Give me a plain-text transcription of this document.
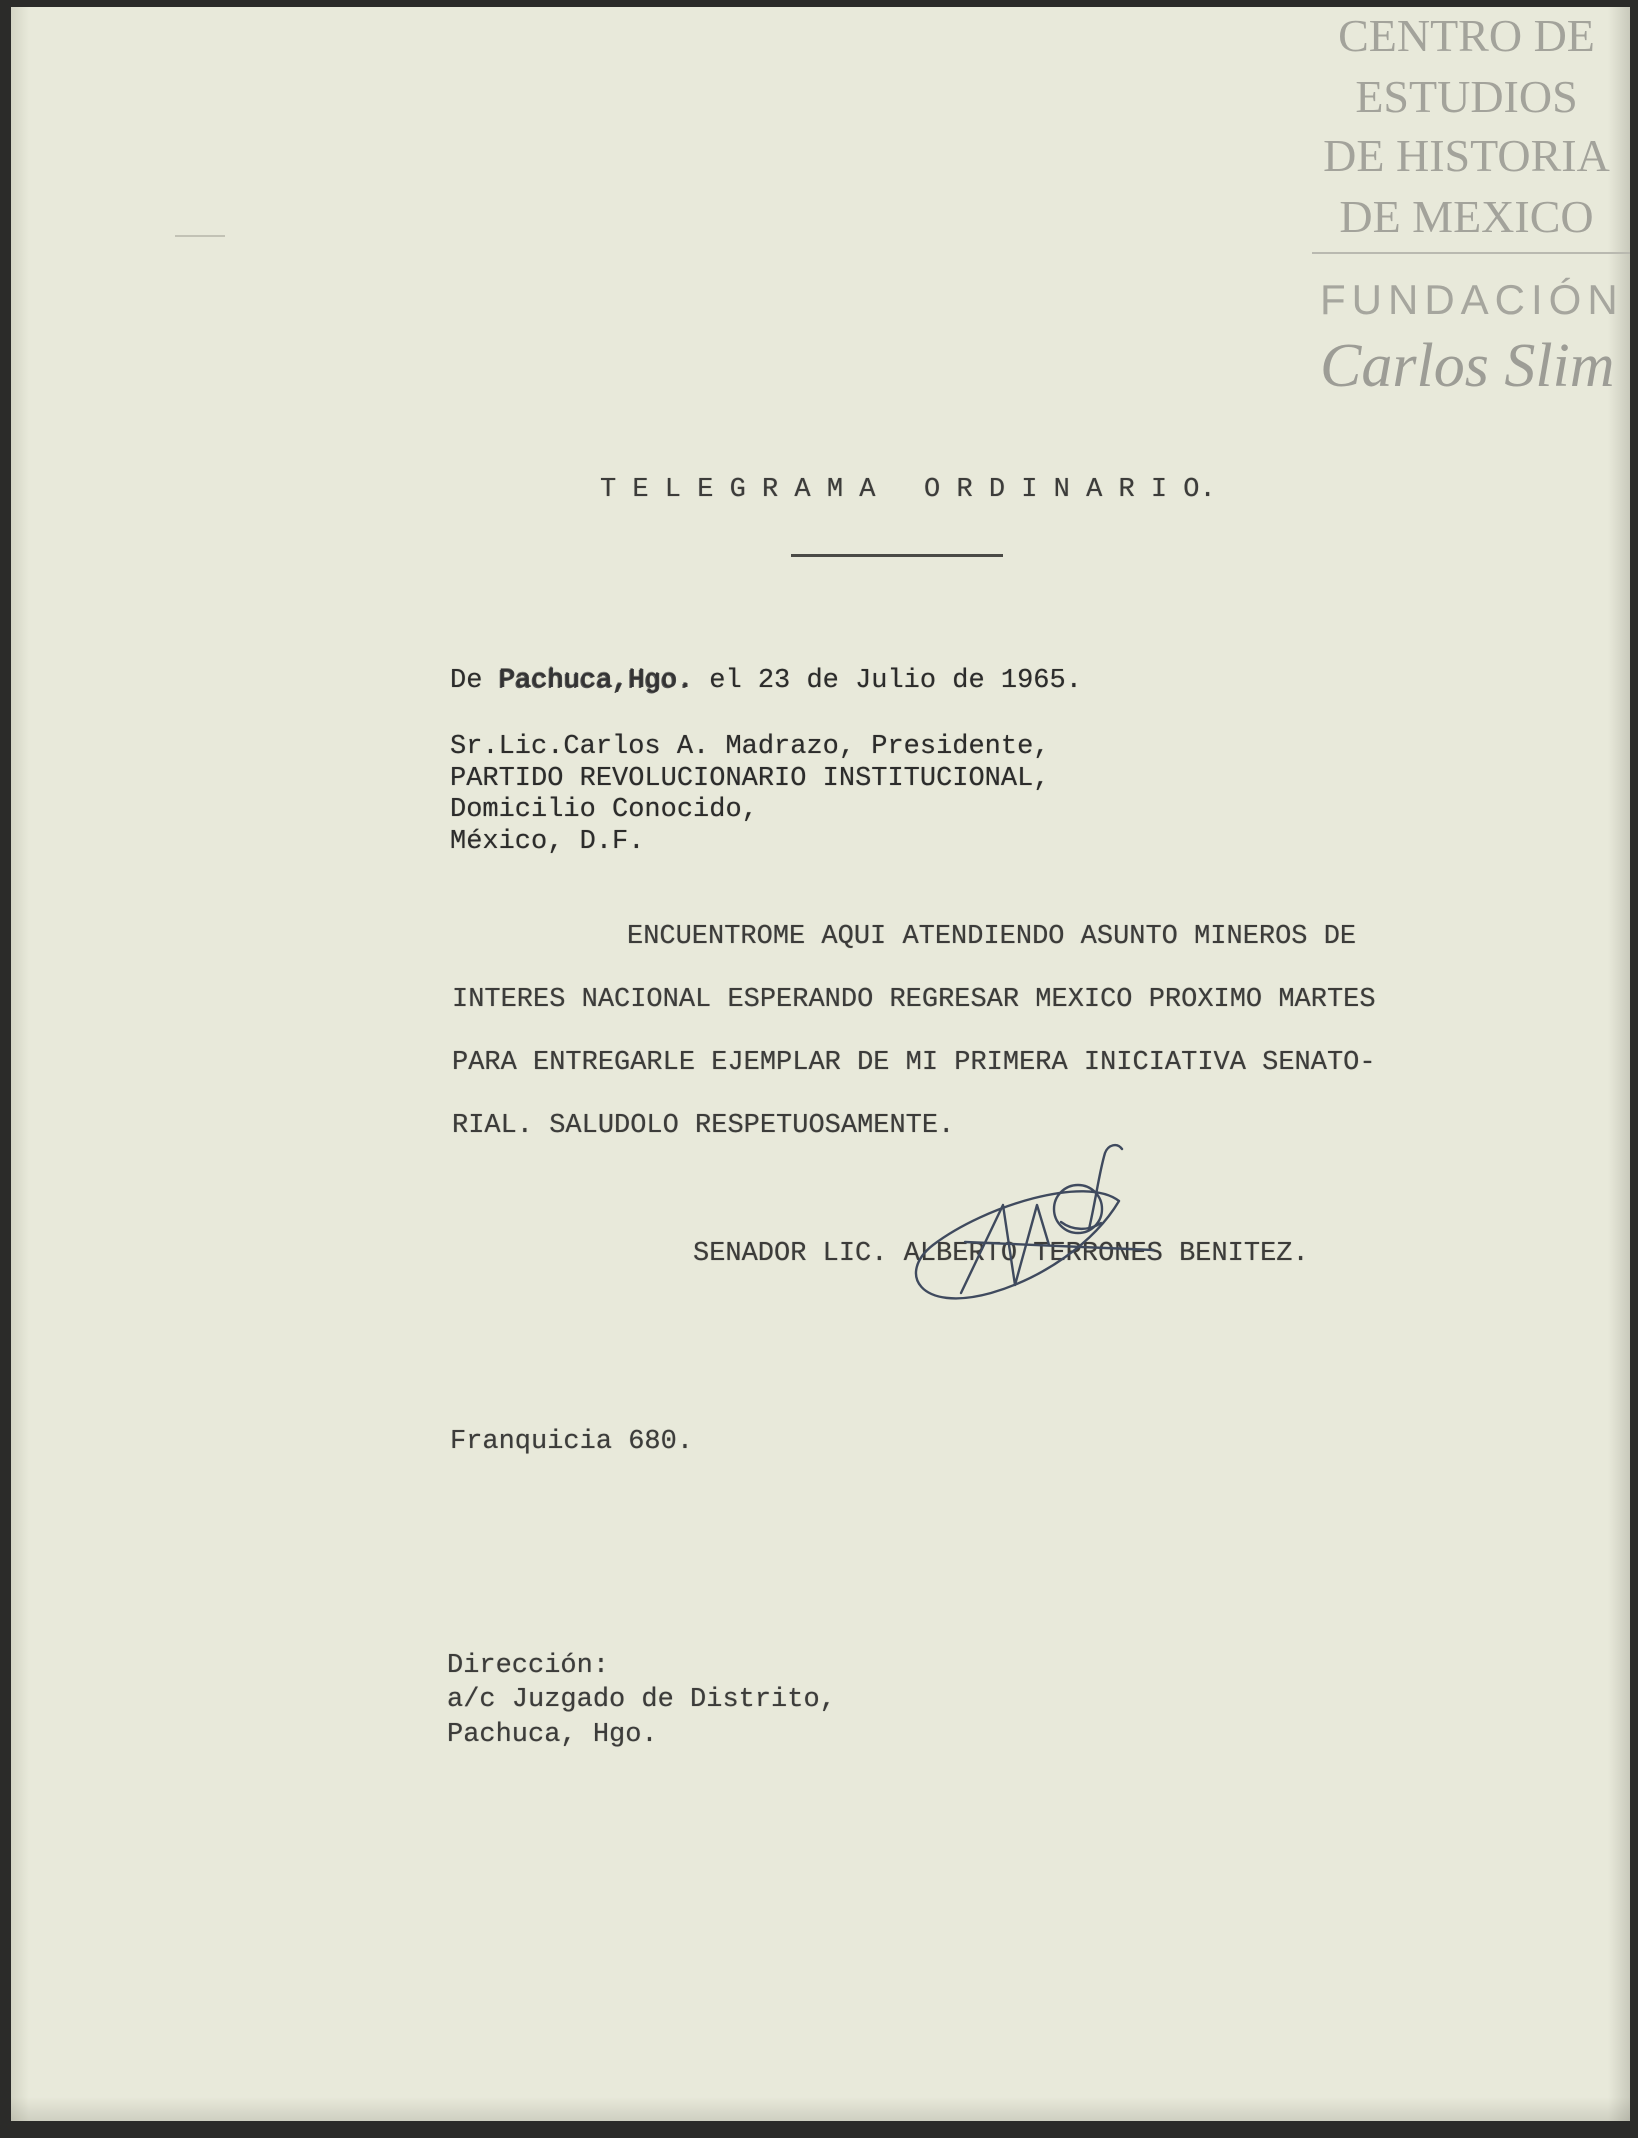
CENTRO DE
ESTUDIOS
DE HISTORIA
DE MEXICO
FUNDACIÓN
Carlos Slim
T E L E G R A M A   O R D I N A R I O.
De Pachuca,Hgo. el 23 de Julio de 1965.
Sr.Lic.Carlos A. Madrazo, Presidente,
PARTIDO REVOLUCIONARIO INSTITUCIONAL,
Domicilio Conocido,
México, D.F.
ENCUENTROME AQUI ATENDIENDO ASUNTO MINEROS DE
INTERES NACIONAL ESPERANDO REGRESAR MEXICO PROXIMO MARTES
PARA ENTREGARLE EJEMPLAR DE MI PRIMERA INICIATIVA SENATO-
RIAL. SALUDOLO RESPETUOSAMENTE.
SENADOR LIC. ALBERTO TERRONES BENITEZ.
Franquicia 680.
Dirección:
a/c Juzgado de Distrito,
Pachuca, Hgo.
